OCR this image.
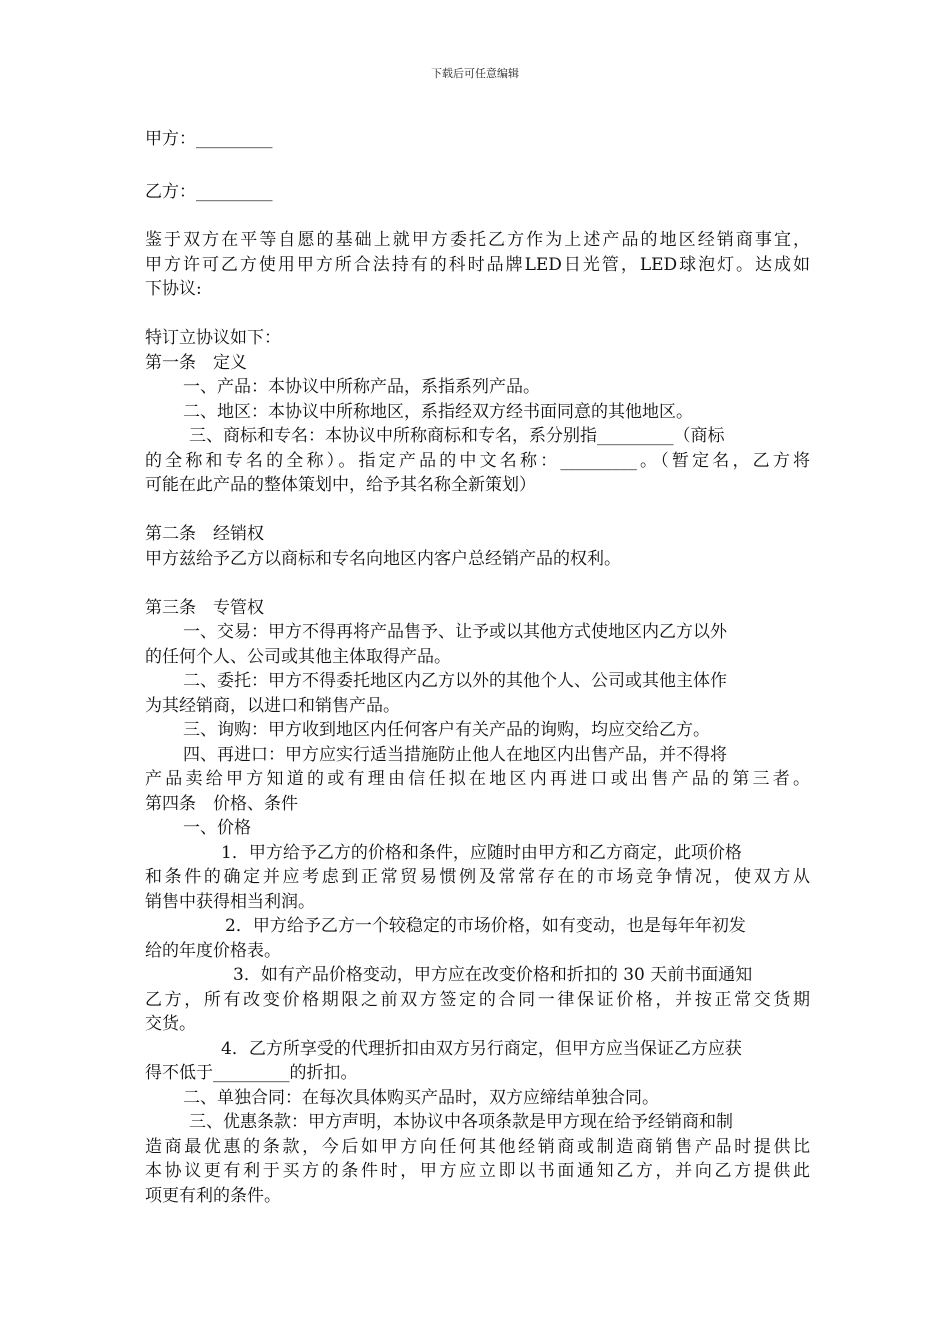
下载后可任意编辑
甲方：_________
乙方：_________
鉴于双方在平等自愿的基础上就甲方委托乙方作为上述产品的地区经销商事宜，
甲方许可乙方使用甲方所合法持有的科时品牌LED日光管，LED球泡灯。达成如
下协议:
特订立协议如下：
第一条　定义
一、产品：本协议中所称产品，系指系列产品。
二、地区：本协议中所称地区，系指经双方经书面同意的其他地区。
三、商标和专名：本协议中所称商标和专名，系分别指_________（商标
的全称和专名的全称）。指定产品的中文名称：_________。（暂定名，乙方将
可能在此产品的整体策划中，给予其名称全新策划）
第二条　经销权
甲方兹给予乙方以商标和专名向地区内客户总经销产品的权利。
第三条　专管权
一、交易：甲方不得再将产品售予、让予或以其他方式使地区内乙方以外
的任何个人、公司或其他主体取得产品。
二、委托：甲方不得委托地区内乙方以外的其他个人、公司或其他主体作
为其经销商，以进口和销售产品。
三、询购：甲方收到地区内任何客户有关产品的询购，均应交给乙方。
四、再进口：甲方应实行适当措施防止他人在地区内出售产品，并不得将
产品卖给甲方知道的或有理由信任拟在地区内再进口或出售产品的第三者。
第四条　价格、条件
一、价格
1．甲方给予乙方的价格和条件，应随时由甲方和乙方商定，此项价格
和条件的确定并应考虑到正常贸易惯例及常常存在的市场竞争情况，使双方从
销售中获得相当利润。
2．甲方给予乙方一个较稳定的市场价格，如有变动，也是每年年初发
给的年度价格表。
3．如有产品价格变动，甲方应在改变价格和折扣的 30 天前书面通知
乙方，所有改变价格期限之前双方签定的合同一律保证价格，并按正常交货期
交货。
4．乙方所享受的代理折扣由双方另行商定，但甲方应当保证乙方应获
得不低于_________的折扣。
二、单独合同：在每次具体购买产品时，双方应缔结单独合同。
三、优惠条款：甲方声明，本协议中各项条款是甲方现在给予经销商和制
造商最优惠的条款，今后如甲方向任何其他经销商或制造商销售产品时提供比
本协议更有利于买方的条件时，甲方应立即以书面通知乙方，并向乙方提供此
项更有利的条件。
